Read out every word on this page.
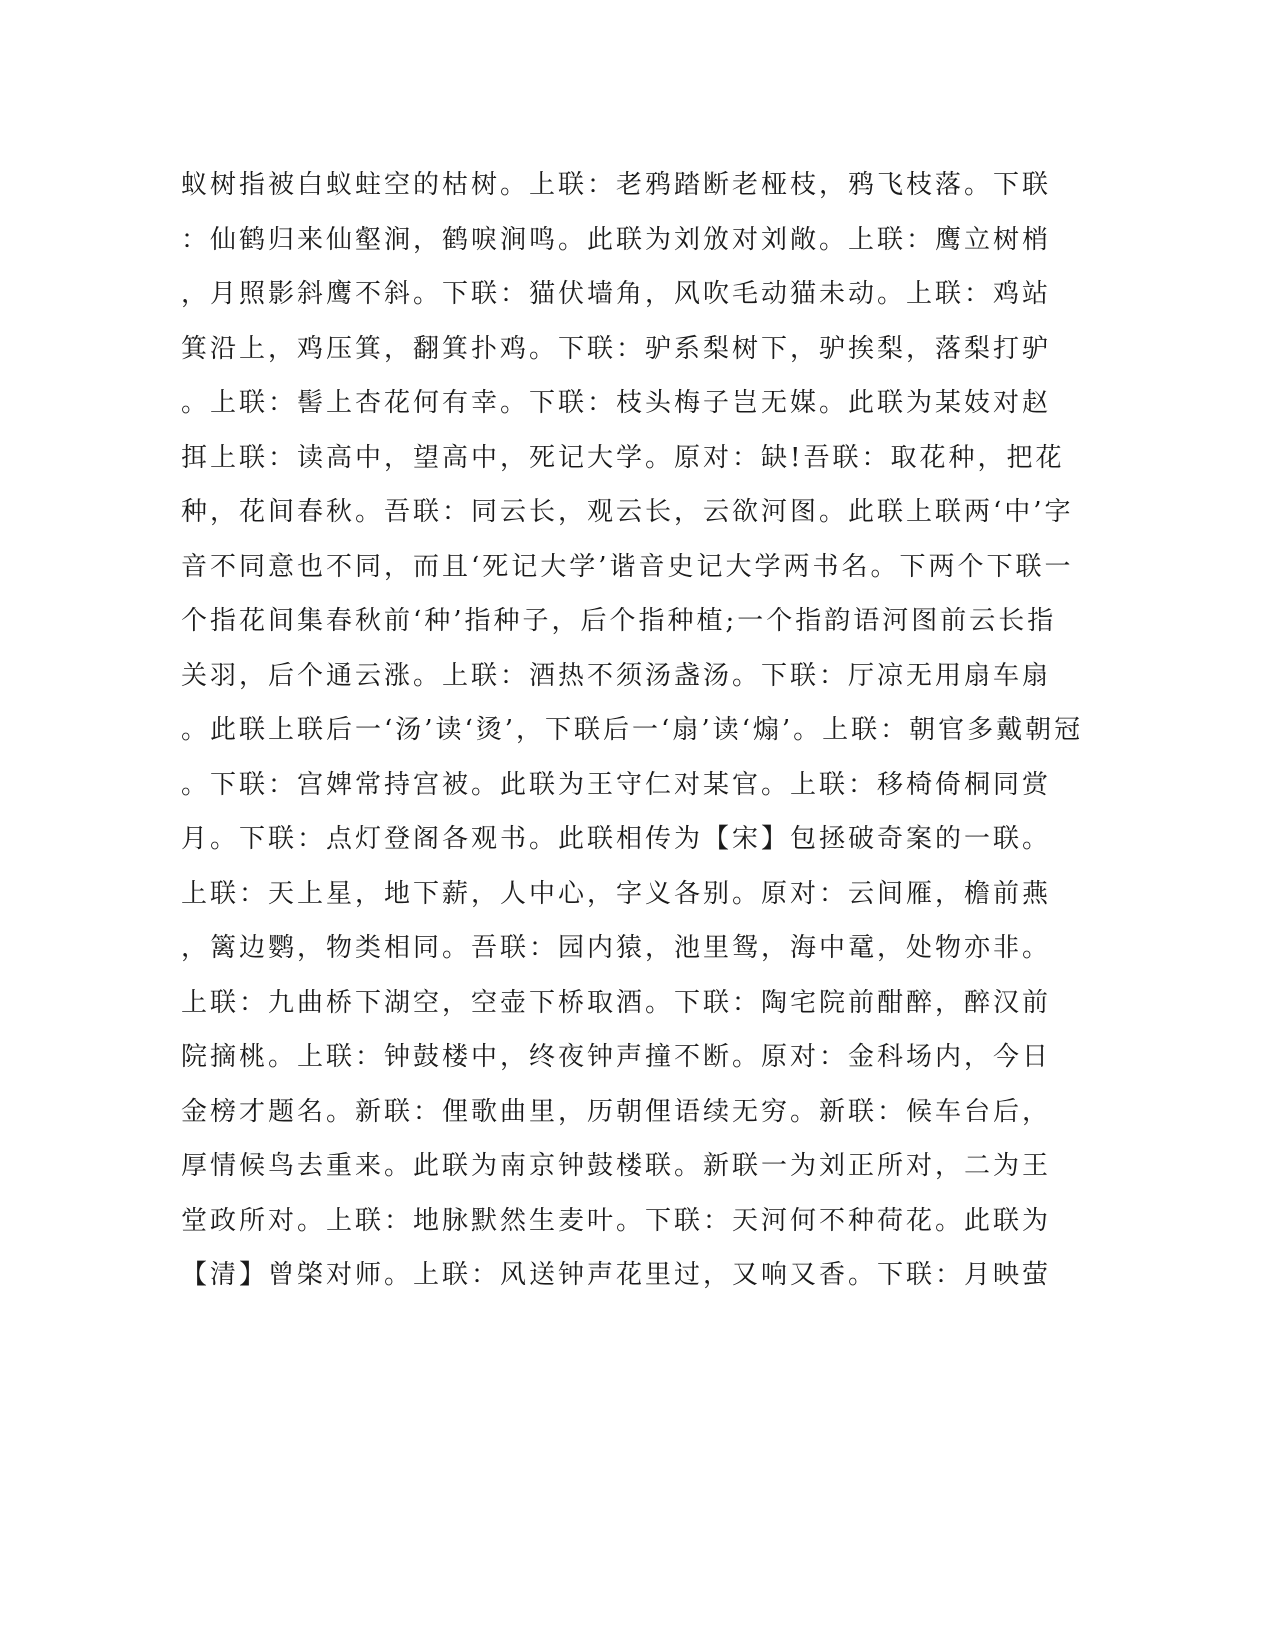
蚁树指被白蚁蛀空的枯树。上联：老鸦踏断老桠枝，鸦飞枝落。下联
：仙鹤归来仙壑涧，鹤唳涧鸣。此联为刘攽对刘敞。上联：鹰立树梢
，月照影斜鹰不斜。下联：猫伏墙角，风吹毛动猫未动。上联：鸡站
箕沿上，鸡压箕，翻箕扑鸡。下联：驴系梨树下，驴挨梨，落梨打驴
。上联：髻上杏花何有幸。下联：枝头梅子岂无媒。此联为某妓对赵
挕上联：读高中，望高中，死记大学。原对：缺!吾联：取花种，把花
种，花间春秋。吾联：同云长，观云长，云欲河图。此联上联两‘中’字
音不同意也不同，而且‘死记大学’谐音史记大学两书名。下两个下联一
个指花间集春秋前‘种’指种子，后个指种植;一个指韵语河图前云长指
关羽，后个通云涨。上联：酒热不须汤盏汤。下联：厅凉无用扇车扇
。此联上联后一‘汤’读‘烫’，下联后一‘扇’读‘煽’。上联：朝官多戴朝冠
。下联：宫婢常持宫被。此联为王守仁对某官。上联：移椅倚桐同赏
月。下联：点灯登阁各观书。此联相传为【宋】包拯破奇案的一联。
上联：天上星，地下薪，人中心，字义各别。原对：云间雁，檐前燕
，篱边鹦，物类相同。吾联：园内猿，池里鸳，海中鼋，处物亦非。
上联：九曲桥下湖空，空壶下桥取酒。下联：陶宅院前酣醉，醉汉前
院摘桃。上联：钟鼓楼中，终夜钟声撞不断。原对：金科场内，今日
金榜才题名。新联：俚歌曲里，历朝俚语续无穷。新联：候车台后，
厚情候鸟去重来。此联为南京钟鼓楼联。新联一为刘正所对，二为王
堂政所对。上联：地脉默然生麦叶。下联：天河何不种荷花。此联为
【清】曾棨对师。上联：风送钟声花里过，又响又香。下联：月映萤
